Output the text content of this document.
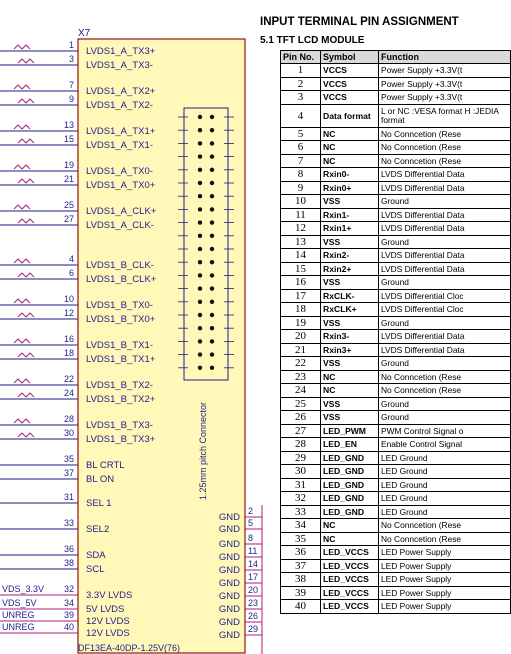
X7
1.25mm pitch Connector
1
LVDS1_A_TX3+
3
LVDS1_A_TX3-
7
LVDS1_A_TX2+
9
LVDS1_A_TX2-
13
LVDS1_A_TX1+
15
LVDS1_A_TX1-
19
LVDS1_A_TX0-
21
LVDS1_A_TX0+
25
LVDS1_A_CLK+
27
LVDS1_A_CLK-
4
LVDS1_B_CLK-
6
LVDS1_B_CLK+
10
LVDS1_B_TX0-
12
LVDS1_B_TX0+
16
LVDS1_B_TX1-
18
LVDS1_B_TX1+
22
LVDS1_B_TX2-
24
LVDS1_B_TX2+
28
LVDS1_B_TX3-
30
LVDS1_B_TX3+
35
BL CRTL
37
BL ON
31
SEL 1
33
SEL2
36
SDA
38
SCL
32
3.3V LVDS
VDS_3.3V
34
5V LVDS
VDS_5V
39
12V LVDS
UNREG
40
12V LVDS
UNREG
GND
2
GND
5
GND
8
GND
11
GND
14
GND
17
GND
20
GND
23
GND
26
GND
29
DF13EA-40DP-1.25V(76)
INPUT TERMINAL PIN ASSIGNMENT
5.1 TFT LCD MODULE
Pin No.	Symbol	Function
1	VCCS	Power Supply +3.3V(t
2	VCCS	Power Supply +3.3V(t
3	VCCS	Power Supply +3.3V(t
4	Data format	L or NC :VESA format H :JEDIA format
5	NC	No Conncetion (Rese
6	NC	No Conncetion (Rese
7	NC	No Conncetion (Rese
8	Rxin0-	LVDS Differential Data
9	Rxin0+	LVDS Differential Data
10	VSS	Ground
11	Rxin1-	LVDS Differential Data
12	Rxin1+	LVDS Differential Data
13	VSS	Ground
14	Rxin2-	LVDS Differential Data
15	Rxin2+	LVDS Differential Data
16	VSS	Ground
17	RxCLK-	LVDS Differential Cloc
18	RxCLK+	LVDS Differential Cloc
19	VSS	Ground
20	Rxin3-	LVDS Differential Data
21	Rxin3+	LVDS Differential Data
22	VSS	Ground
23	NC	No Conncetion (Rese
24	NC	No Conncetion (Rese
25	VSS	Ground
26	VSS	Ground
27	LED_PWM	PWM Control Signal o
28	LED_EN	Enable Control Signal
29	LED_GND	LED Ground
30	LED_GND	LED Ground
31	LED_GND	LED Ground
32	LED_GND	LED Ground
33	LED_GND	LED Ground
34	NC	No Conncetion (Rese
35	NC	No Conncetion (Rese
36	LED_VCCS	LED Power Supply
37	LED_VCCS	LED Power Supply
38	LED_VCCS	LED Power Supply
39	LED_VCCS	LED Power Supply
40	LED_VCCS	LED Power Supply
